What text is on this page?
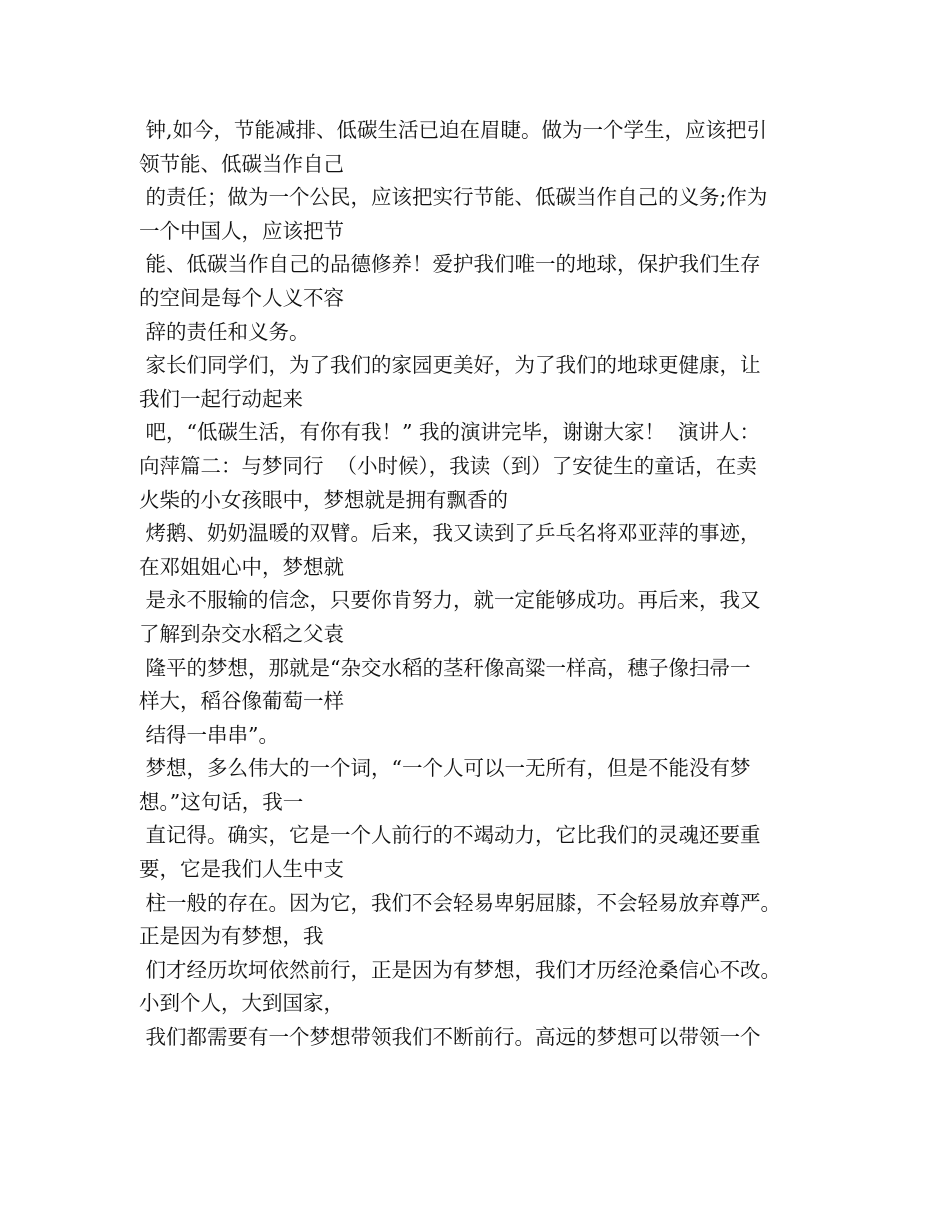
钟,如今，节能减排、低碳生活已迫在眉睫。做为一个学生，应该把引
领节能、低碳当作自己
的责任；做为一个公民，应该把实行节能、低碳当作自己的义务;作为
一个中国人，应该把节
能、低碳当作自己的品德修养！爱护我们唯一的地球，保护我们生存
的空间是每个人义不容
辞的责任和义务。
家长们同学们，为了我们的家园更美好，为了我们的地球更健康，让
我们一起行动起来
吧，“低碳生活，有你有我！” 我的演讲完毕，谢谢大家！  演讲人：
向萍篇二：与梦同行  （小时候），我读（到）了安徒生的童话，在卖
火柴的小女孩眼中，梦想就是拥有飘香的
烤鹅、奶奶温暖的双臂。后来，我又读到了乒乓名将邓亚萍的事迹，
在邓姐姐心中，梦想就
是永不服输的信念，只要你肯努力，就一定能够成功。再后来，我又
了解到杂交水稻之父袁
隆平的梦想，那就是“杂交水稻的茎秆像高粱一样高，穗子像扫帚一
样大，稻谷像葡萄一样
结得一串串”。
梦想，多么伟大的一个词，“一个人可以一无所有，但是不能没有梦
想。”这句话，我一
直记得。确实，它是一个人前行的不竭动力，它比我们的灵魂还要重
要，它是我们人生中支
柱一般的存在。因为它，我们不会轻易卑躬屈膝，不会轻易放弃尊严。
正是因为有梦想，我
们才经历坎坷依然前行，正是因为有梦想，我们才历经沧桑信心不改。
小到个人，大到国家，
我们都需要有一个梦想带领我们不断前行。高远的梦想可以带领一个
